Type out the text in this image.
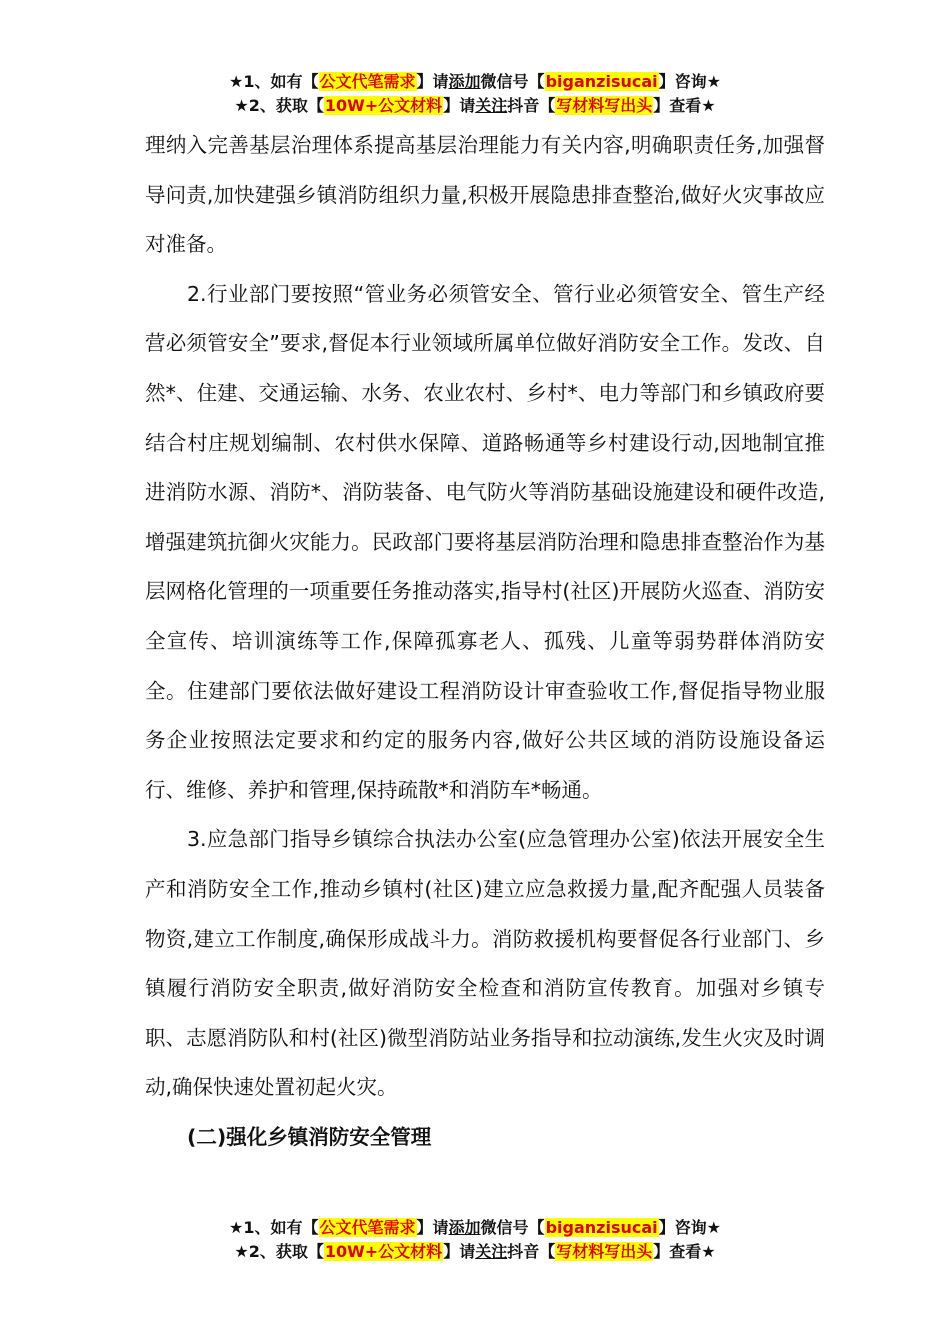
★1、如有【公文代笔需求】请添加微信号【biganzisucai】咨询★
★2、获取【10W+公文材料】请关注抖音【写材料写出头】查看★

理纳入完善基层治理体系提高基层治理能力有关内容,明确职责任务,加强督导问责,加快建强乡镇消防组织力量,积极开展隐患排查整治,做好火灾事故应对准备。

2.行业部门要按照“管业务必须管安全、管行业必须管安全、管生产经营必须管安全”要求,督促本行业领域所属单位做好消防安全工作。发改、自然*、住建、交通运输、水务、农业农村、乡村*、电力等部门和乡镇政府要结合村庄规划编制、农村供水保障、道路畅通等乡村建设行动,因地制宜推进消防水源、消防*、消防装备、电气防火等消防基础设施建设和硬件改造,增强建筑抗御火灾能力。民政部门要将基层消防治理和隐患排查整治作为基层网格化管理的一项重要任务推动落实,指导村(社区)开展防火巡查、消防安全宣传、培训演练等工作,保障孤寡老人、孤残、儿童等弱势群体消防安全。住建部门要依法做好建设工程消防设计审查验收工作,督促指导物业服务企业按照法定要求和约定的服务内容,做好公共区域的消防设施设备运行、维修、养护和管理,保持疏散*和消防车*畅通。

3.应急部门指导乡镇综合执法办公室(应急管理办公室)依法开展安全生产和消防安全工作,推动乡镇村(社区)建立应急救援力量,配齐配强人员装备物资,建立工作制度,确保形成战斗力。消防救援机构要督促各行业部门、乡镇履行消防安全职责,做好消防安全检查和消防宣传教育。加强对乡镇专职、志愿消防队和村(社区)微型消防站业务指导和拉动演练,发生火灾及时调动,确保快速处置初起火灾。

(二)强化乡镇消防安全管理

★1、如有【公文代笔需求】请添加微信号【biganzisucai】咨询★
★2、获取【10W+公文材料】请关注抖音【写材料写出头】查看★
